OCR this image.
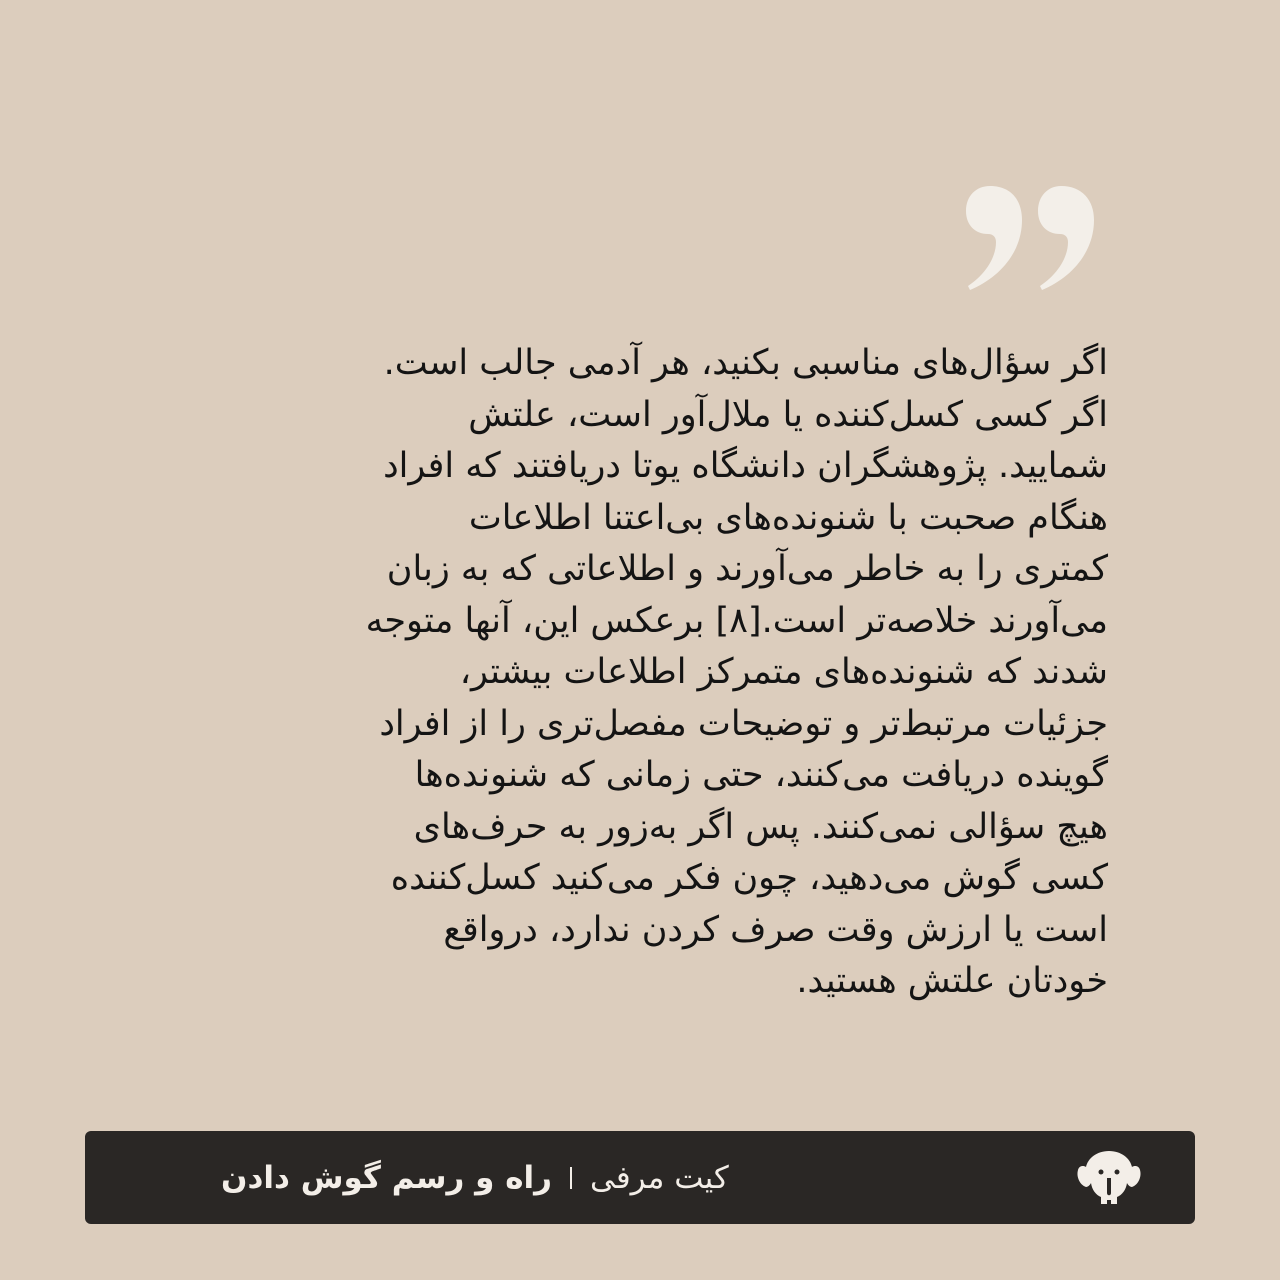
اگر سؤال‌های مناسبی بکنید، هر آدمی جالب است.
اگر کسی کسل‌کننده یا ملال‌آور است، علتش
شمایید. پژوهشگران دانشگاه یوتا دریافتند که افراد
هنگام صحبت با شنونده‌های بی‌اعتنا اطلاعات
کمتری را به خاطر می‌آورند و اطلاعاتی که به زبان
می‌آورند خلاصه‌تر است.[۸] برعکس این، آنها متوجه
شدند که شنونده‌های متمرکز اطلاعات بیشتر،
جزئیات مرتبط‌تر و توضیحات مفصل‌تری را از افراد
گوینده دریافت می‌کنند، حتی زمانی که شنونده‌ها
هیچ سؤالی نمی‌کنند. پس اگر به‌زور به حرف‌های
کسی گوش می‌دهید، چون فکر می‌کنید کسل‌کننده
است یا ارزش وقت صرف کردن ندارد، درواقع
خودتان علتش هستید.
راه و رسم گوش دادن کیت مرفی
